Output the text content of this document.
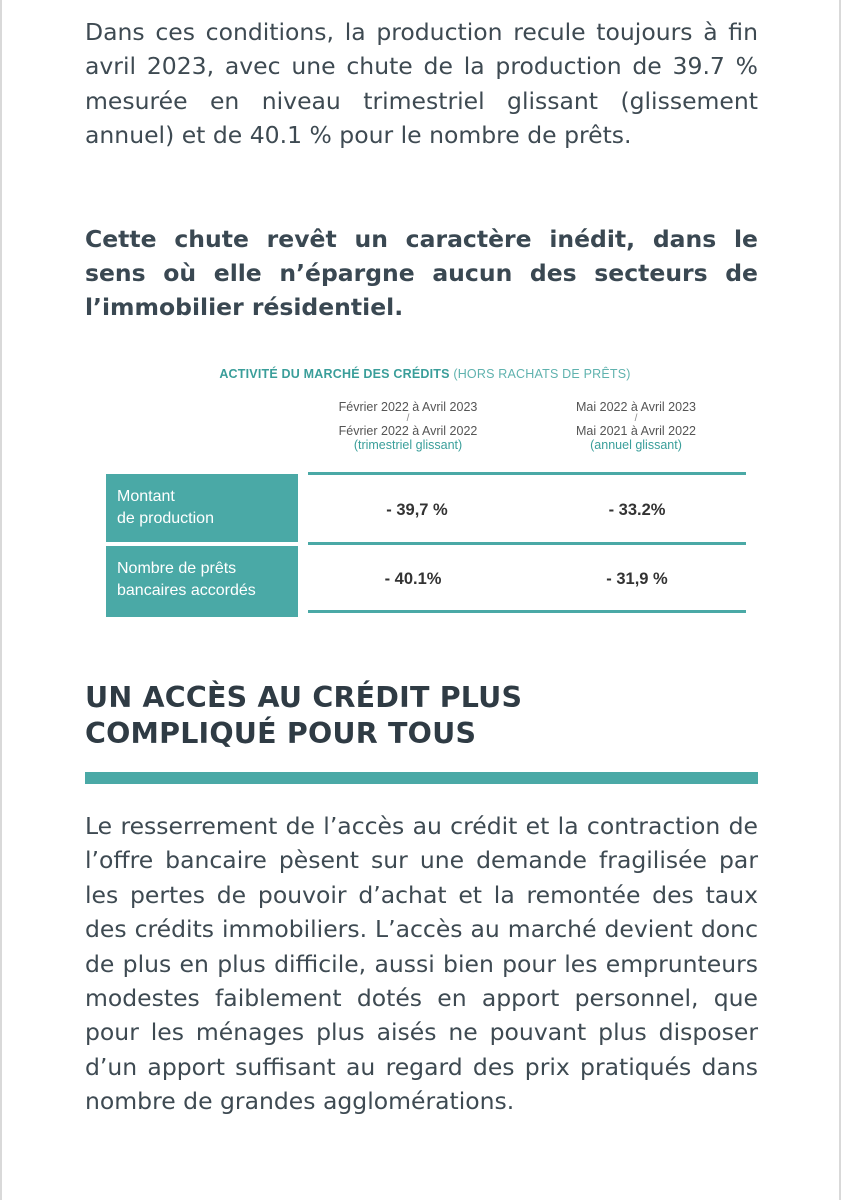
Dans ces conditions, la production recule toujours à fin avril 2023, avec une chute de la production de 39.7 % mesurée en niveau trimestriel glissant (glissement annuel) et de 40.1 % pour le nombre de prêts.

Cette chute revêt un caractère inédit, dans le sens où elle n’épargne aucun des secteurs de l’immobilier résidentiel.

ACTIVITÉ DU MARCHÉ DES CRÉDITS (HORS RACHATS DE PRÊTS)
Février 2022 à Avril 2023
/
Février 2022 à Avril 2022
(trimestriel glissant)
Mai 2022 à Avril 2023
/
Mai 2021 à Avril 2022
(annuel glissant)
Montant
de production
Nombre de prêts
bancaires accordés
- 39,7 %	- 33.2%
- 40.1%	- 31,9 %
UN ACCÈS AU CRÉDIT PLUS
COMPLIQUÉ POUR TOUS

Le resserrement de l’accès au crédit et la contraction de l’offre bancaire pèsent sur une demande fragilisée par les pertes de pouvoir d’achat et la remontée des taux des crédits immobiliers. L’accès au marché devient donc de plus en plus difficile, aussi bien pour les emprunteurs modestes faiblement dotés en apport personnel, que pour les ménages plus aisés ne pouvant plus disposer d’un apport suffisant au regard des prix pratiqués dans nombre de grandes agglomérations.
